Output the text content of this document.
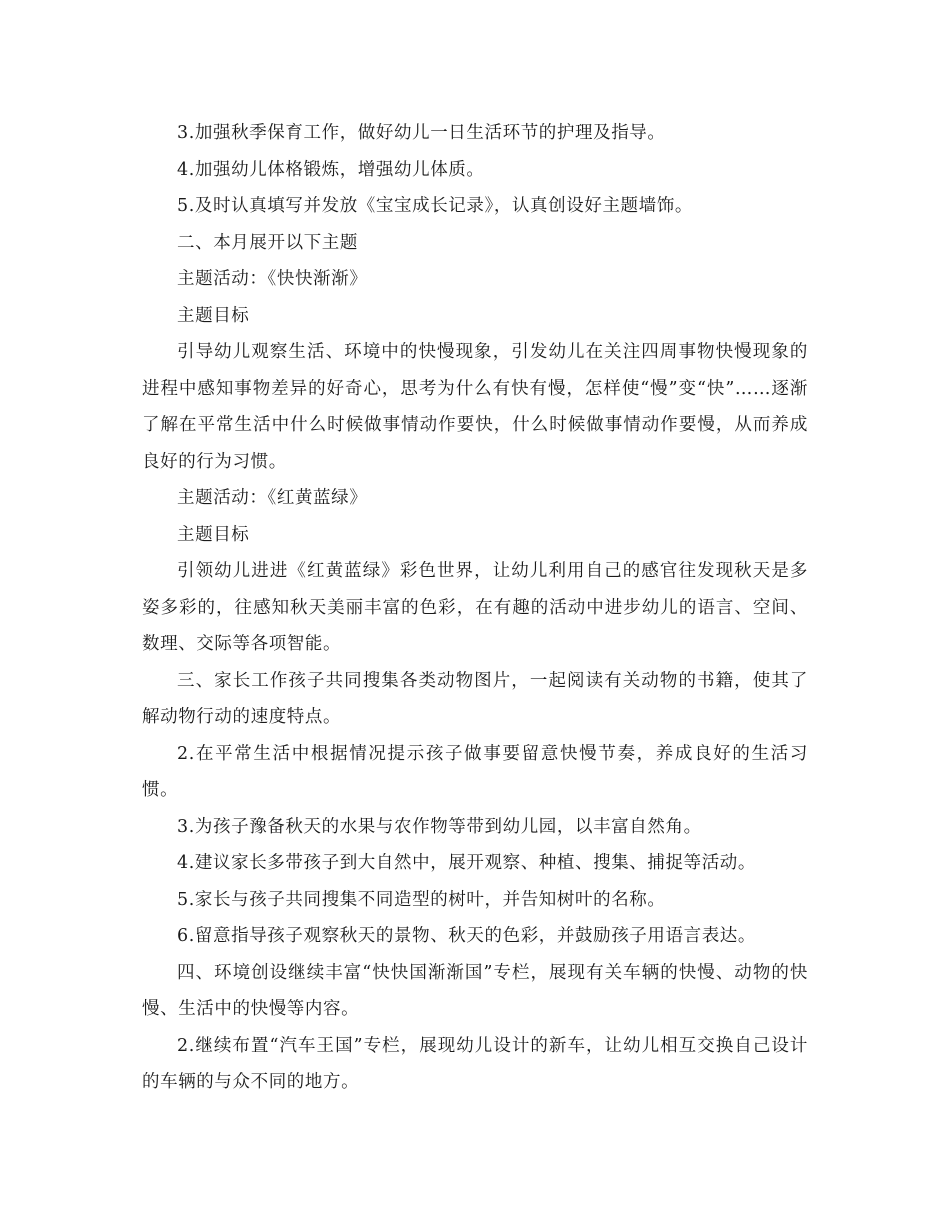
3.加强秋季保育工作，做好幼儿一日生活环节的护理及指导。

4.加强幼儿体格锻炼，增强幼儿体质。

5.及时认真填写并发放《宝宝成长记录》，认真创设好主题墙饰。

二、本月展开以下主题

主题活动：《快快渐渐》

主题目标

引导幼儿观察生活、环境中的快慢现象，引发幼儿在关注四周事物快慢现象的进程中感知事物差异的好奇心，思考为什么有快有慢，怎样使“慢”变“快”……逐渐了解在平常生活中什么时候做事情动作要快，什么时候做事情动作要慢，从而养成良好的行为习惯。

主题活动：《红黄蓝绿》

主题目标

引领幼儿进进《红黄蓝绿》彩色世界，让幼儿利用自己的感官往发现秋天是多姿多彩的，往感知秋天美丽丰富的色彩，在有趣的活动中进步幼儿的语言、空间、数理、交际等各项智能。

三、家长工作孩子共同搜集各类动物图片，一起阅读有关动物的书籍，使其了解动物行动的速度特点。

2.在平常生活中根据情况提示孩子做事要留意快慢节奏，养成良好的生活习惯。

3.为孩子豫备秋天的水果与农作物等带到幼儿园，以丰富自然角。

4.建议家长多带孩子到大自然中，展开观察、种植、搜集、捕捉等活动。

5.家长与孩子共同搜集不同造型的树叶，并告知树叶的名称。

6.留意指导孩子观察秋天的景物、秋天的色彩，并鼓励孩子用语言表达。

四、环境创设继续丰富“快快国渐渐国”专栏，展现有关车辆的快慢、动物的快慢、生活中的快慢等内容。

2.继续布置“汽车王国”专栏，展现幼儿设计的新车，让幼儿相互交换自己设计的车辆的与众不同的地方。
